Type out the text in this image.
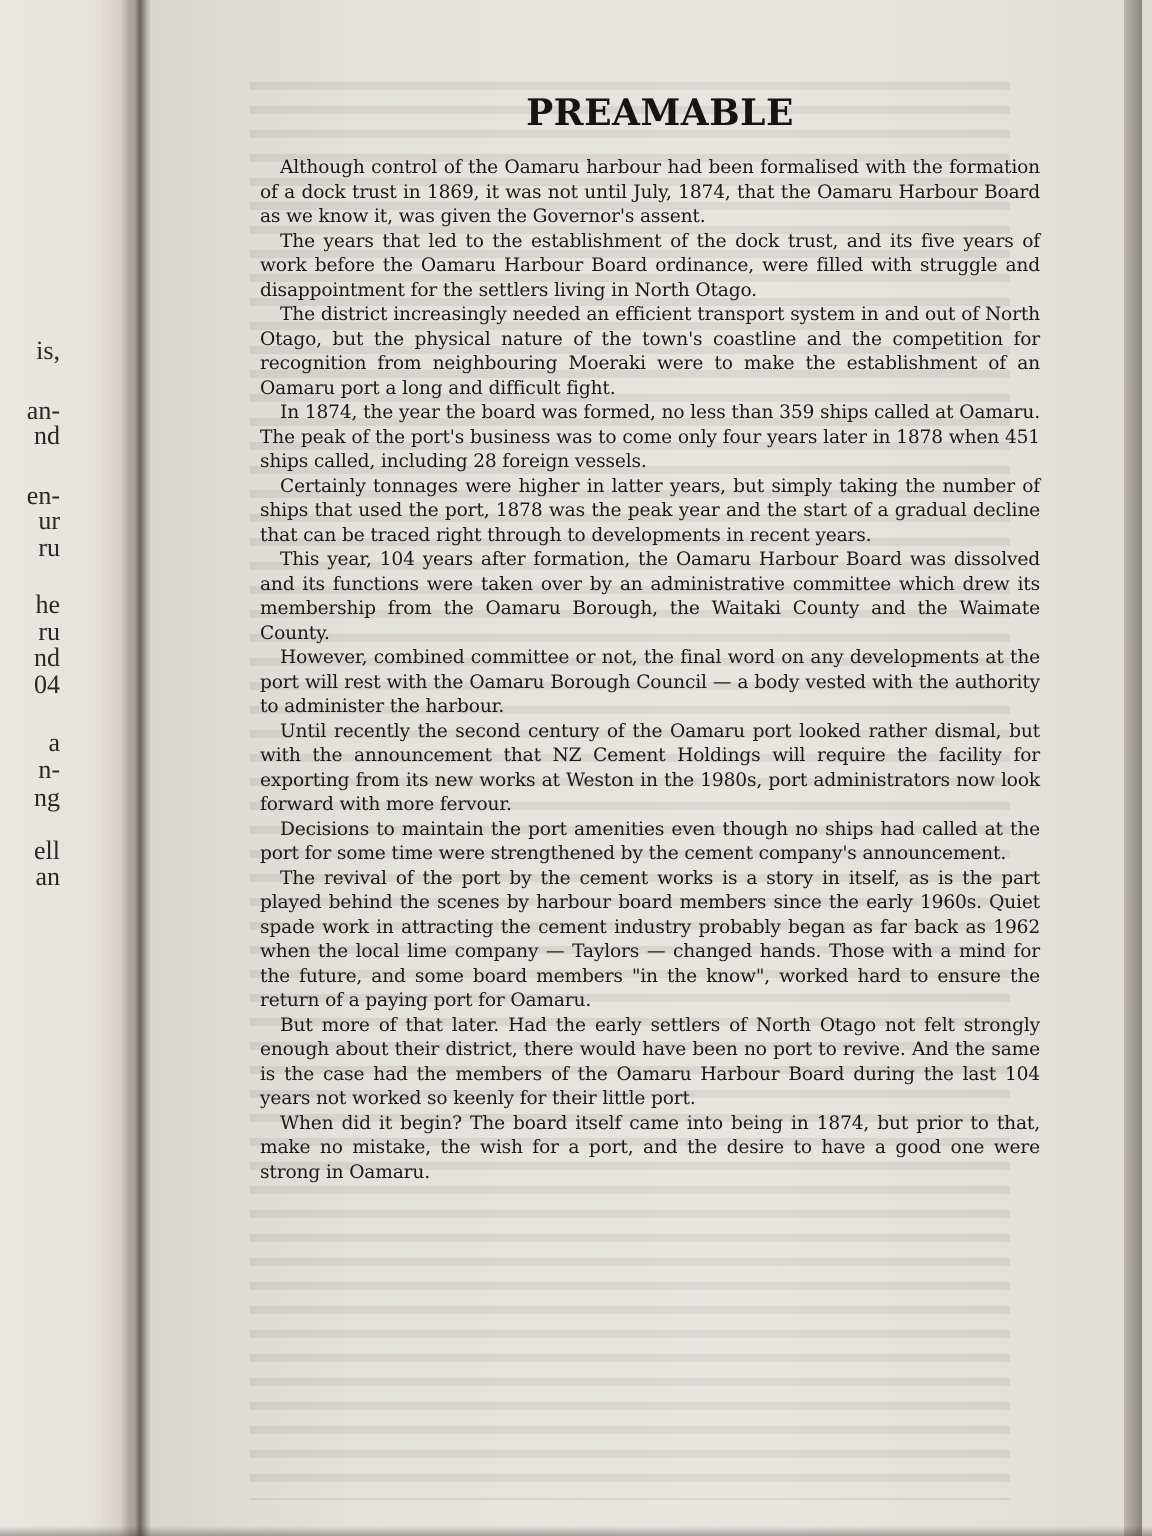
is,
an-
nd
en-
ur
ru
he
ru
nd
04
a
n-
ng
ell
an
PREAMABLE

Although control of the Oamaru harbour had been formalised with the formation of a dock trust in 1869, it was not until July, 1874, that the Oamaru Harbour Board as we know it, was given the Governor's assent.

The years that led to the establishment of the dock trust, and its five years of work before the Oamaru Harbour Board ordinance, were filled with struggle and disappointment for the settlers living in North Otago.

The district increasingly needed an efficient transport system in and out of North Otago, but the physical nature of the town's coastline and the competition for recognition from neighbouring Moeraki were to make the establishment of an Oamaru port a long and difficult fight.

In 1874, the year the board was formed, no less than 359 ships called at Oamaru. The peak of the port's business was to come only four years later in 1878 when 451 ships called, including 28 foreign vessels.

Certainly tonnages were higher in latter years, but simply taking the number of ships that used the port, 1878 was the peak year and the start of a gradual decline that can be traced right through to developments in recent years.

This year, 104 years after formation, the Oamaru Harbour Board was dissolved and its functions were taken over by an administrative committee which drew its membership from the Oamaru Borough, the Waitaki County and the Waimate County.

However, combined committee or not, the final word on any developments at the port will rest with the Oamaru Borough Council — a body vested with the authority to administer the harbour.

Until recently the second century of the Oamaru port looked rather dismal, but with the announcement that NZ Cement Holdings will require the facility for exporting from its new works at Weston in the 1980s, port administrators now look forward with more fervour.

Decisions to maintain the port amenities even though no ships had called at the port for some time were strengthened by the cement company's announcement.

The revival of the port by the cement works is a story in itself, as is the part played behind the scenes by harbour board members since the early 1960s. Quiet spade work in attracting the cement industry probably began as far back as 1962 when the local lime company — Taylors — changed hands. Those with a mind for the future, and some board members "in the know", worked hard to ensure the return of a paying port for Oamaru.

But more of that later. Had the early settlers of North Otago not felt strongly enough about their district, there would have been no port to revive. And the same is the case had the members of the Oamaru Harbour Board during the last 104 years not worked so keenly for their little port.

When did it begin? The board itself came into being in 1874, but prior to that, make no mistake, the wish for a port, and the desire to have a good one were strong in Oamaru.
